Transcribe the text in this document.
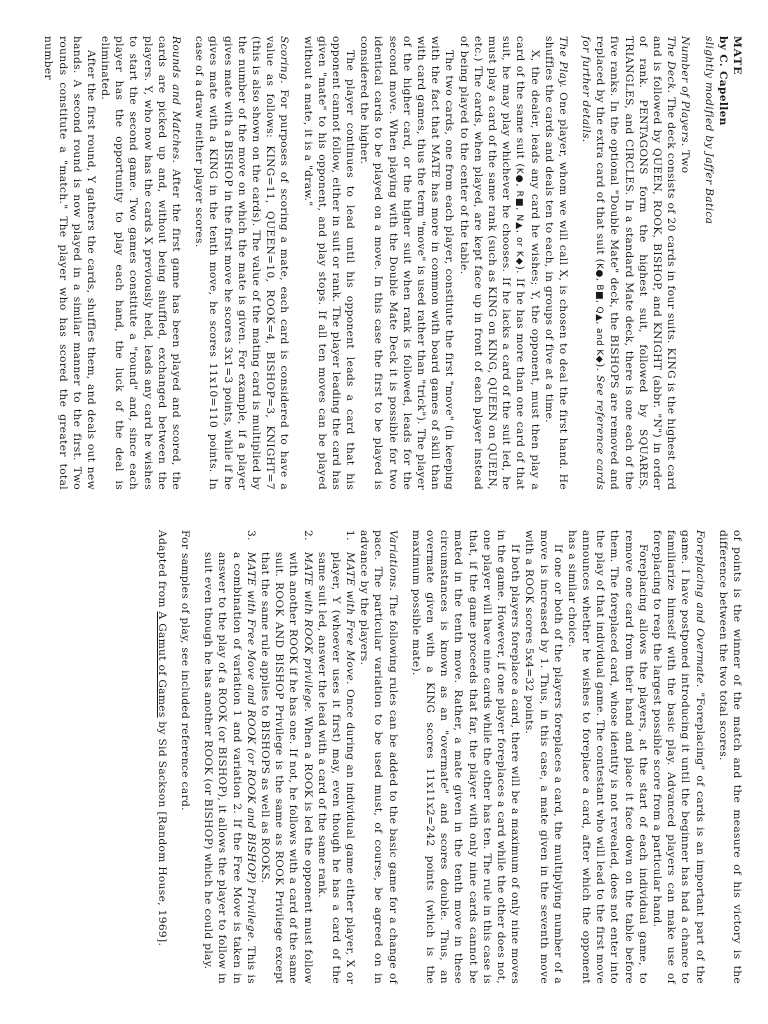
MATE

by C. Capellen

slightly modified by Jaffer Batica

Number of Players. Two

The Deck. The deck consists of 20 cards in four suits. KING is the highest card and is followed by QUEEN, ROOK, BISHOP, and KNIGHT (abbr. "N") in order of rank. PENTAGONS form the highest suit, followed by SQUARES, TRIANGLES, and CIRCLES. In a standard Mate deck, there is one each of the five ranks. In the optional "Double Mate" deck, the BISHOPS are removed and replaced by the extra card of that suit (K●, B■, Q▲, and K◆). See reference cards for further details.

The Play. One player, whom we will call X, is chosen to deal the first hand. He shuffles the cards and deals ten to each, in groups of five at a time.

X, the dealer, leads any card he wishes; Y, the opponent, must then play a card of the same suit (K●, R■, N▲, or K◆). If he has more than one card of that suit, he may play whichever he chooses. If he lacks a card of the suit led, he must play a card of the same rank (such as KING on KING, QUEEN on QUEEN, etc.) The cards, when played, are kept face up in front of each player instead of being played to the center of the table.

The two cards, one from each player, constitute the first "move" (in keeping with the fact that MATE has more in common with board games of skill than with card games, thus the term "move" is used rather than "trick"). The player of the higher card, or the higher suit when rank is followed, leads for the second move. When playing with the Double Mate Deck it is possible for two identical cards to be played on a move. In this case the first to be played is considered the higher.

The player continues to lead until his opponent leads a card that his opponent cannot follow, either in suit or rank. The player leading the card has given "mate" to his opponent, and play stops. If all ten moves can be played without a mate, it is a "draw."

Scoring. For purposes of scoring a mate, each card is considered to have a value as follows: KING=11, QUEEN=10, ROOK=4, BISHOP=3, KNIGHT=7 (this is also shown on the cards). The value of the mating card is multiplied by the number of the move on which the mate is given. For example, if a player gives mate with a BISHOP in the first move he scores 3x1=3 points, while if he gives mate with a KING in the tenth move, he scores 11x10=110 points. In case of a draw neither player scores.

Rounds and Matches. After the first game has been played and scored, the cards are picked up and, without being shuffled, exchanged between the players. Y, who now has the cards X previously held, leads any card he wishes to start the second game. Two games constitute a "round" and, since each player has the opportunity to play each hand, the luck of the deal is eliminated.

After the first round, Y gathers the cards, shuffles them, and deals out new hands. A second round is now played in a similar manner to the first. Two rounds constitute a "match." The player who has scored the greater total number

of points is the winner of the match and the measure of his victory is the difference between the two total scores.

Foreplacing and Overmate. "Foreplacing" of cards is an important part of the game. I have postponed introducing it until the beginner has had a chance to familiarize himself with the basic play. Advanced players can make use of foreplacing to reap the largest possible score from a particular hand.

Foreplacing allows the players, at the start of each individual game, to remove one card from their hand and place it face down on the table before them. The foreplaced card, whose identity is not revealed, does not enter into the play of that individual game. The contestant who will lead to the first move announces whether he wishes to foreplace a card, after which the opponent has a similar choice.

If one or both of the players foreplaces a card, the multiplying number of a move is increased by 1. Thus, in this case, a mate given in the seventh move with a ROOK scores 5x4=32 points.

If both players foreplace a card, there will be a maximum of only nine moves in the game. However, if one player foreplaces a card while the other does not, one player will have nine cards while the other has ten. The rule in this case is that, if the game proceeds that far, the player with only nine cards cannot be mated in the tenth move. Rather, a mate given in the tenth move in these circumstances is known as an "overmate" and scores double. Thus, an overmate given with a KING scores 11x11x2=242 points (which is the maximum possible mate).

Variations. The following rules can be added to the basic game for a change of pace. The particular variation to be used must, of course, be agreed on in advance by the players.

1.
MATE with Free Move. Once during an individual game either player, X or player, Y (whoever uses it first) may, even though he has a card of the same suit led, answer the lead with a card of the same rank.
2.
MATE with ROOK privilege. When a ROOK is led the opponent must follow with another ROOK if he has one. If not, he follows with a card of the same suit. ROOK AND BISHOP Privilege is the same as ROOK Privilege except that the same rule applies to BISHOPS as well as ROOKS.
3.
MATE with Free Move and ROOK (or ROOK and BISHOP) Privilege. This is a combination of variation 1 and variation 2. If the Free Move is taken in answer to the play of a ROOK (or BISHOP), it allows the player to follow in suit even though he has another ROOK (or BISHOP) which he could play.

For samples of play, see included reference card.

Adapted from A Gamut of Games by Sid Sackson [Random House, 1969].
